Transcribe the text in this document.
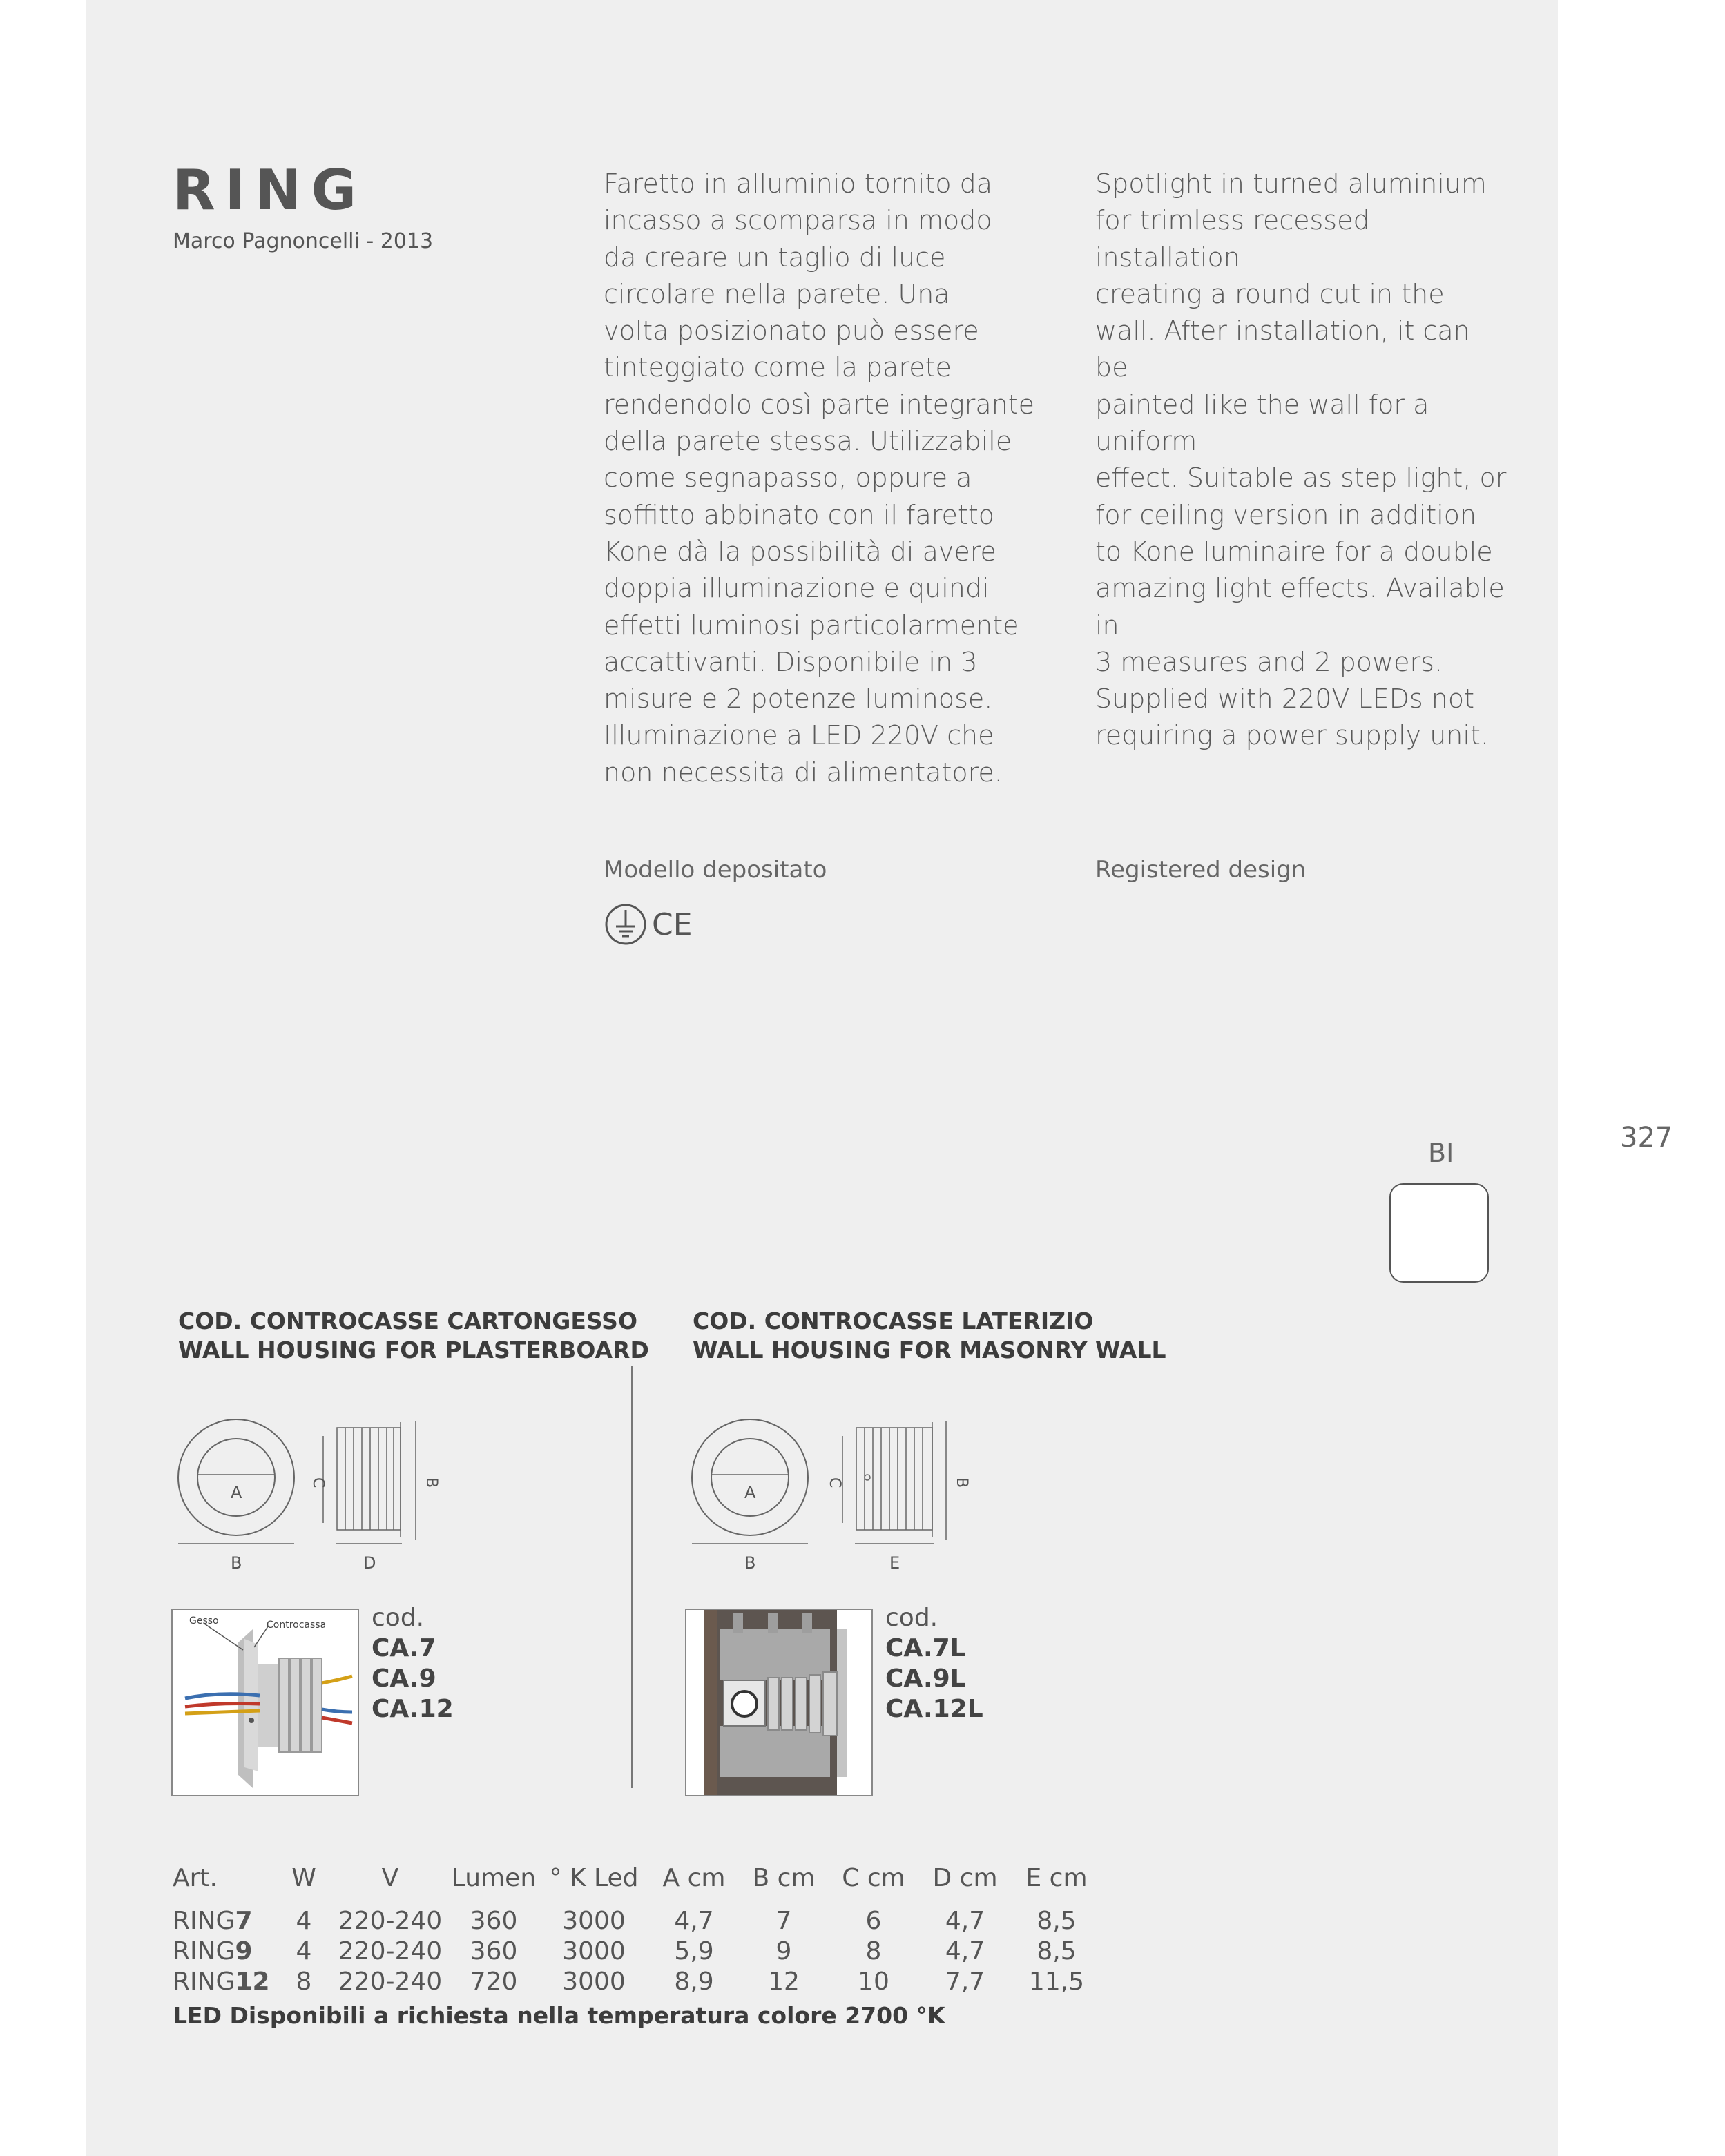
RING
Marco Pagnoncelli - 2013
Faretto in alluminio tornito da
incasso a scomparsa in modo
da creare un taglio di luce
circolare nella parete. Una
volta posizionato può essere
tinteggiato come la parete
rendendolo così parte integrante
della parete stessa. Utilizzabile
come segnapasso, oppure a
soffitto abbinato con il faretto
Kone dà la possibilità di avere
doppia illuminazione e quindi
effetti luminosi particolarmente
accattivanti. Disponibile in 3
misure e 2 potenze luminose.
Illuminazione a LED 220V che
non necessita di alimentatore.
Spotlight in turned aluminium
for trimless recessed installation
creating a round cut in the
wall. After installation, it can be
painted like the wall for a uniform
effect. Suitable as step light, or
for ceiling version in addition
to Kone luminaire for a double
amazing light effects. Available in
3 measures and 2 powers.
Supplied with 220V LEDs not
requiring a power supply unit.
Modello depositato	Registered design
CE
327
BI
COD. CONTROCASSE CARTONGESSO
WALL HOUSING FOR PLASTERBOARD
COD. CONTROCASSE LATERIZIO
WALL HOUSING FOR MASONRY WALL
A
B
C
D
B
A
B
C
E
B
Gesso	Controcassa cod.
CA.7
CA.9
CA.12
cod.
CA.7L
CA.9L
CA.12L
Art.	W	V	Lumen	° K Led	A cm	B cm	C cm	D cm	E cm
RING7	4	220-240	360	3000	4,7	7	6	4,7	8,5
RING9	4	220-240	360	3000	5,9	9	8	4,7	8,5
RING12	8	220-240	720	3000	8,9	12	10	7,7	11,5
LED Disponibili a richiesta nella temperatura colore 2700 °K
